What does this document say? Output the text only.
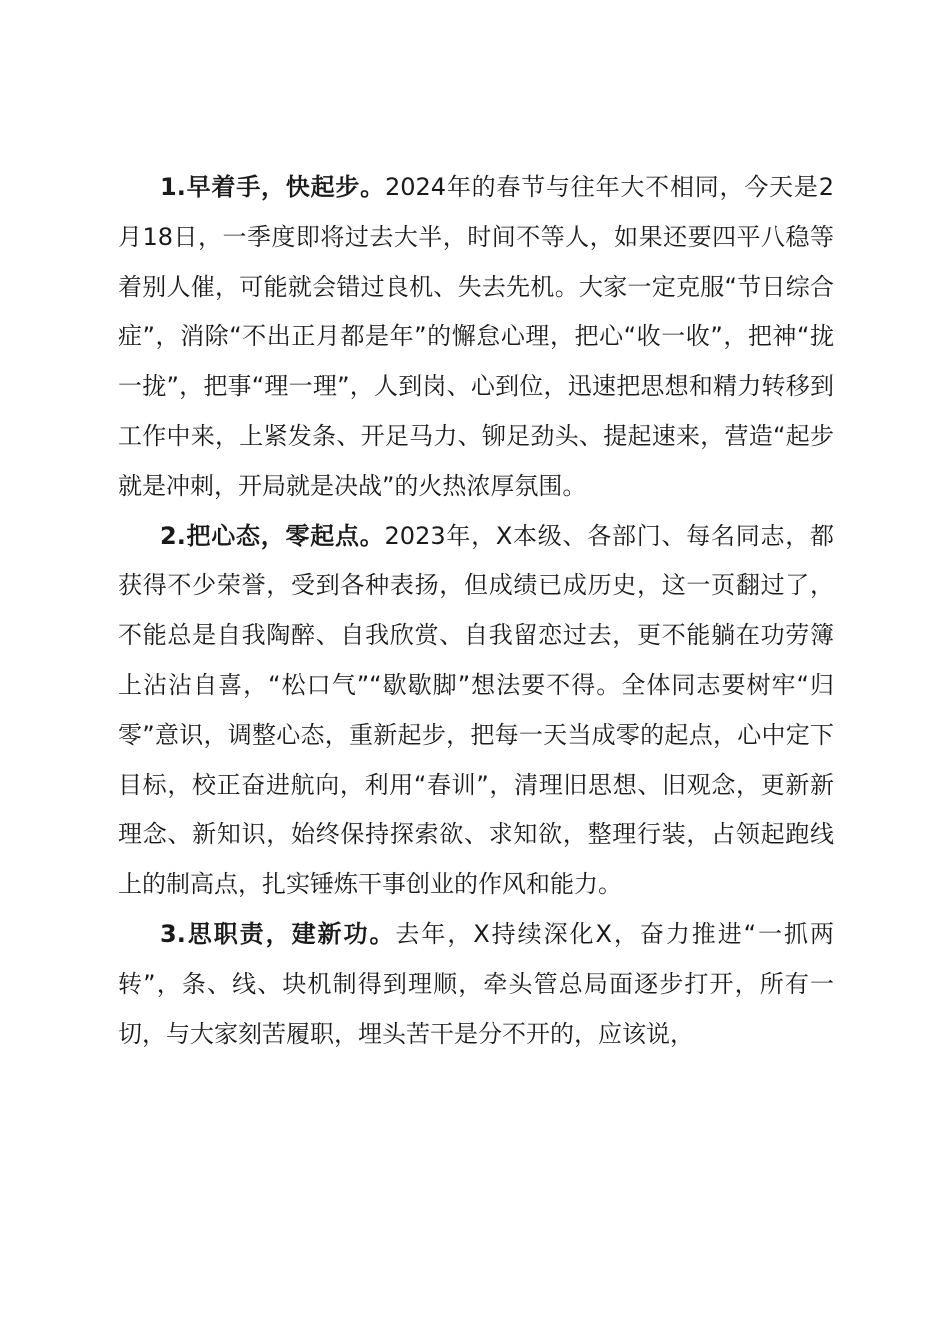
1.早着手，快起步。2024年的春节与往年大不相同，今天是2月18日，一季度即将过去大半，时间不等人，如果还要四平八稳等着别人催，可能就会错过良机、失去先机。大家一定克服“节日综合症”，消除“不出正月都是年”的懈怠心理，把心“收一收”，把神“拢一拢”，把事“理一理”，人到岗、心到位，迅速把思想和精力转移到工作中来，上紧发条、开足马力、铆足劲头、提起速来，营造“起步就是冲刺，开局就是决战”的火热浓厚氛围。

2.把心态，零起点。2023年，X本级、各部门、每名同志，都获得不少荣誉，受到各种表扬，但成绩已成历史，这一页翻过了，不能总是自我陶醉、自我欣赏、自我留恋过去，更不能躺在功劳簿上沾沾自喜，“松口气”“歇歇脚”想法要不得。全体同志要树牢“归零”意识，调整心态，重新起步，把每一天当成零的起点，心中定下目标，校正奋进航向，利用“春训”，清理旧思想、旧观念，更新新理念、新知识，始终保持探索欲、求知欲，整理行装，占领起跑线上的制高点，扎实锤炼干事创业的作风和能力。

3.思职责，建新功。去年，X持续深化X，奋力推进“一抓两转”，条、线、块机制得到理顺，牵头管总局面逐步打开，所有一切，与大家刻苦履职，埋头苦干是分不开的，应该说，
